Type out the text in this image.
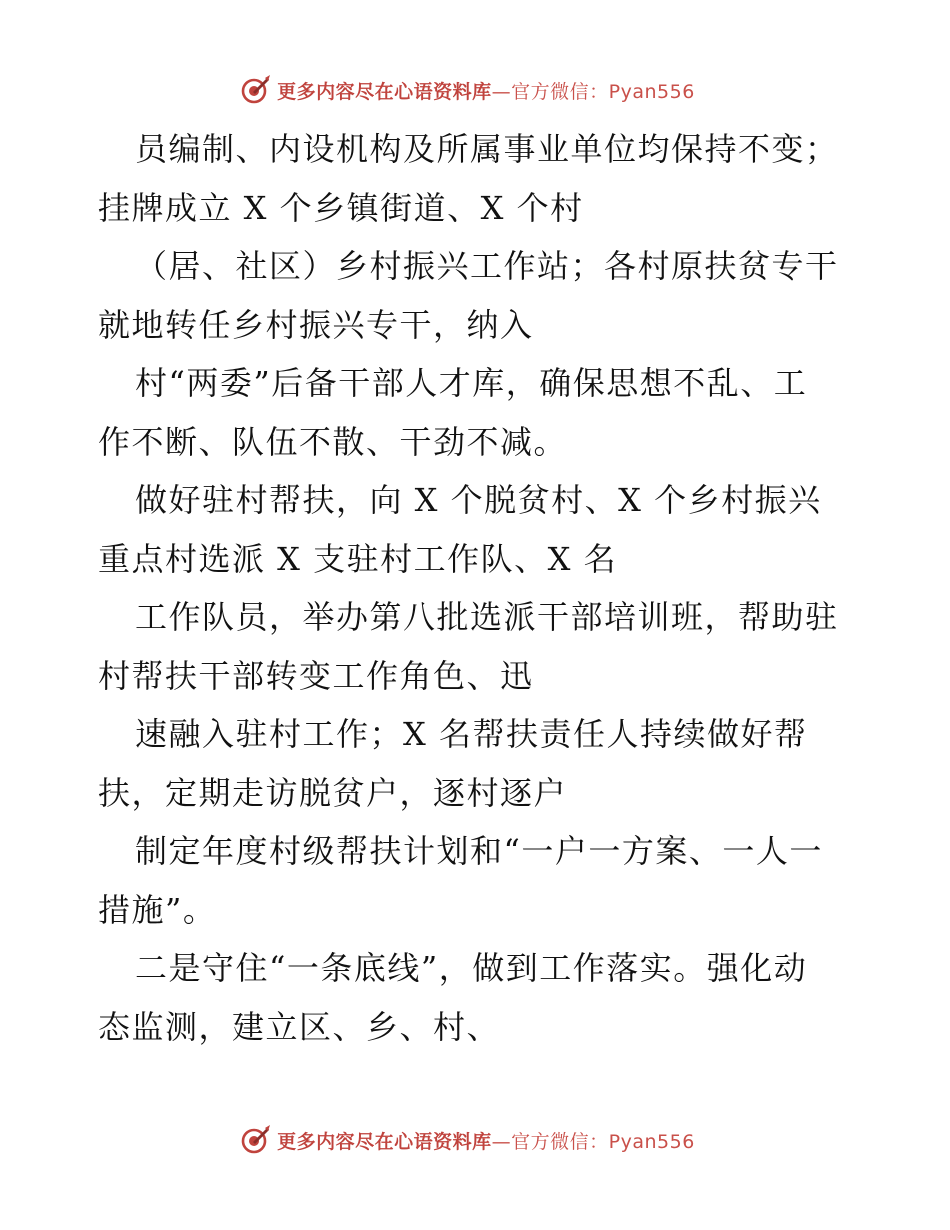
更多内容尽在心语资料库—官方微信：Pyan556
员编制、内设机构及所属事业单位均保持不变；
挂牌成立 X 个乡镇街道、X 个村
（居、社区）乡村振兴工作站；各村原扶贫专干
就地转任乡村振兴专干，纳入
村“两委”后备干部人才库，确保思想不乱、工
作不断、队伍不散、干劲不减。
做好驻村帮扶，向 X 个脱贫村、X 个乡村振兴
重点村选派 X 支驻村工作队、X 名
工作队员，举办第八批选派干部培训班，帮助驻
村帮扶干部转变工作角色、迅
速融入驻村工作；X 名帮扶责任人持续做好帮
扶，定期走访脱贫户，逐村逐户
制定年度村级帮扶计划和“一户一方案、一人一
措施”。
二是守住“一条底线”，做到工作落实。强化动
态监测，建立区、乡、村、
更多内容尽在心语资料库—官方微信：Pyan556
